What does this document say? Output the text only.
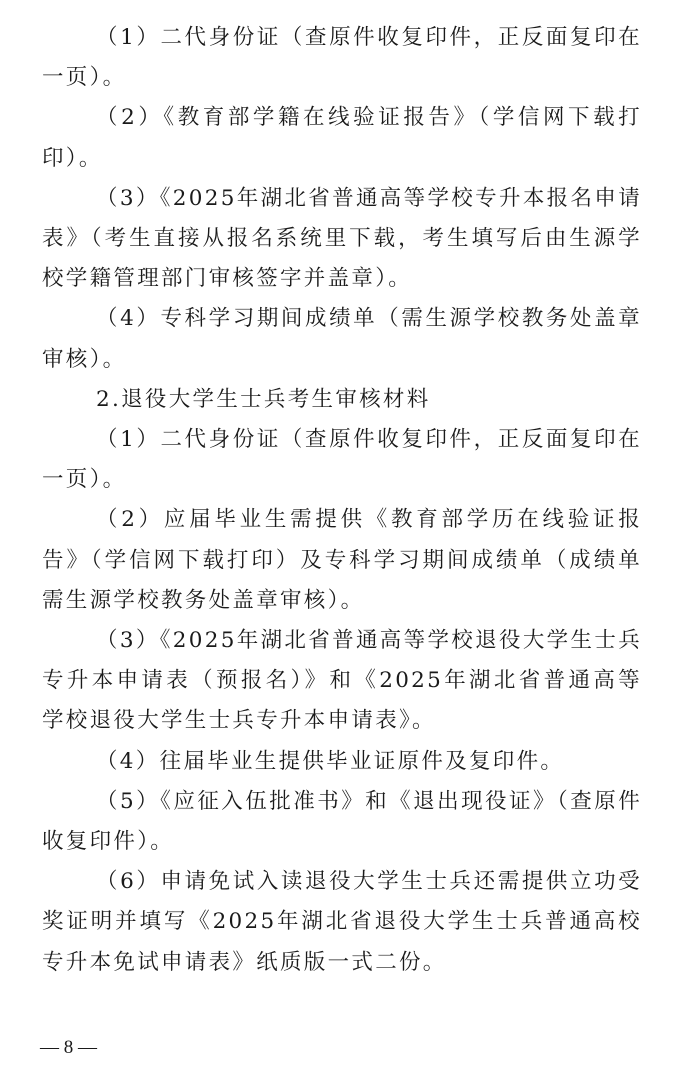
（1）二代身份证（查原件收复印件，正反面复印在一页）。

（2）《教育部学籍在线验证报告》（学信网下载打印）。

（3）《2025年湖北省普通高等学校专升本报名申请表》（考生直接从报名系统里下载，考生填写后由生源学校学籍管理部门审核签字并盖章）。

（4）专科学习期间成绩单（需生源学校教务处盖章审核）。

2.退役大学生士兵考生审核材料

（1）二代身份证（查原件收复印件，正反面复印在一页）。

（2）应届毕业生需提供《教育部学历在线验证报告》（学信网下载打印）及专科学习期间成绩单（成绩单需生源学校教务处盖章审核）。

（3）《2025年湖北省普通高等学校退役大学生士兵专升本申请表（预报名）》和《2025年湖北省普通高等学校退役大学生士兵专升本申请表》。

（4）往届毕业生提供毕业证原件及复印件。

（5）《应征入伍批准书》和《退出现役证》（查原件收复印件）。

（6）申请免试入读退役大学生士兵还需提供立功受奖证明并填写《2025年湖北省退役大学生士兵普通高校专升本免试申请表》纸质版一式二份。

— 8 —
